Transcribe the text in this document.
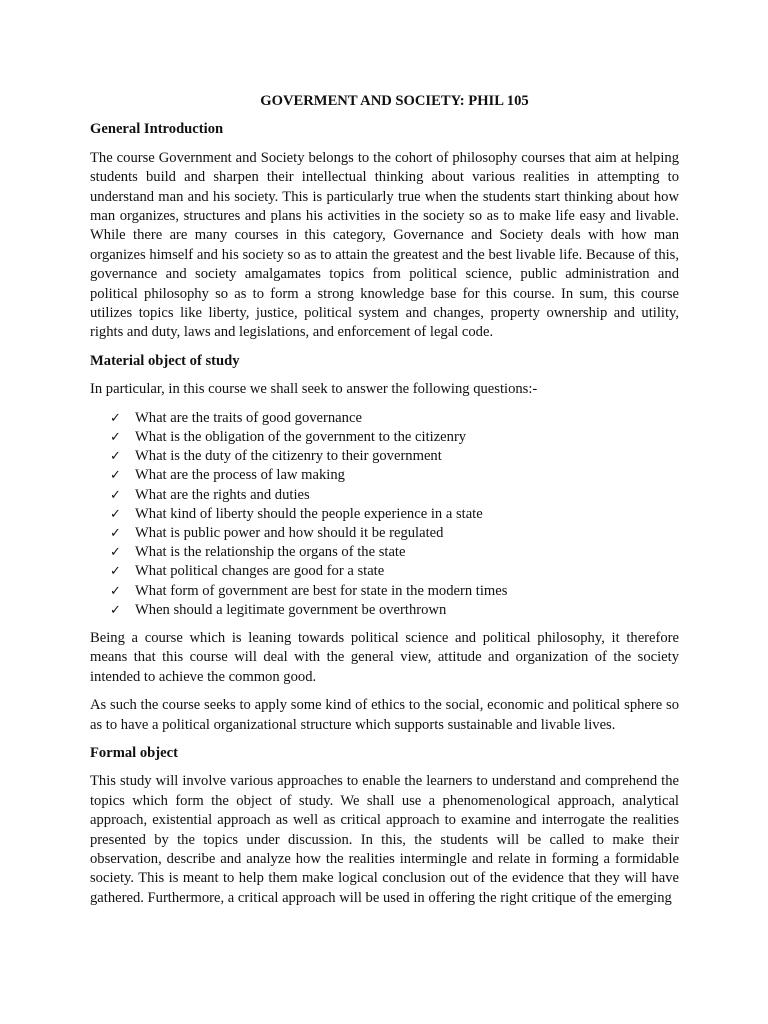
GOVERMENT AND SOCIETY: PHIL 105
General Introduction

The course Government and Society belongs to the cohort of philosophy courses that aim at helping students build and sharpen their intellectual thinking about various realities in attempting to understand man and his society. This is particularly true when the students start thinking about how man organizes, structures and plans his activities in the society so as to make life easy and livable. While there are many courses in this category, Governance and Society deals with how man organizes himself and his society so as to attain the greatest and the best livable life. Because of this, governance and society amalgamates topics from political science, public administration and political philosophy so as to form a strong knowledge base for this course. In sum, this course utilizes topics like liberty, justice, political system and changes, property ownership and utility, rights and duty, laws and legislations, and enforcement of legal code.

Material object of study

In particular, in this course we shall seek to answer the following questions:-

✓ What are the traits of good governance
✓ What is the obligation of the government to the citizenry
✓ What is the duty of the citizenry to their government
✓ What are the process of law making
✓ What are the rights and duties
✓ What kind of liberty should the people experience in a state
✓ What is public power and how should it be regulated
✓ What is the relationship the organs of the state
✓ What political changes are good for a state
✓ What form of government are best for state in the modern times
✓ When should a legitimate government be overthrown

Being a course which is leaning towards political science and political philosophy, it therefore means that this course will deal with the general view, attitude and organization of the society intended to achieve the common good.

As such the course seeks to apply some kind of ethics to the social, economic and political sphere so as to have a political organizational structure which supports sustainable and livable lives.

Formal object

This study will involve various approaches to enable the learners to understand and comprehend the topics which form the object of study. We shall use a phenomenological approach, analytical approach, existential approach as well as critical approach to examine and interrogate the realities presented by the topics under discussion. In this, the students will be called to make their observation, describe and analyze how the realities intermingle and relate in forming a formidable society. This is meant to help them make logical conclusion out of the evidence that they will have gathered. Furthermore, a critical approach will be used in offering the right critique of the emerging
